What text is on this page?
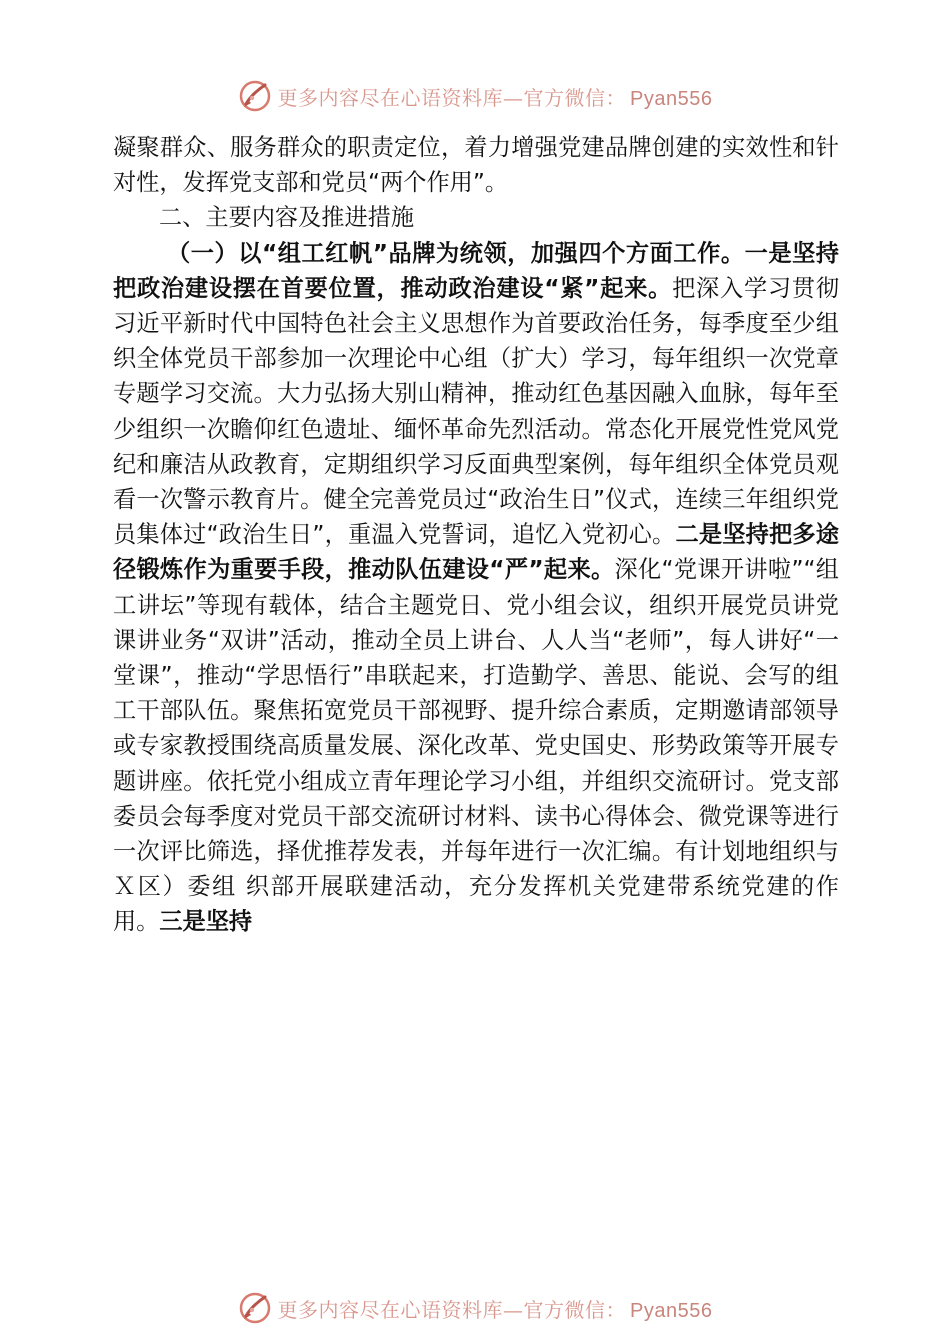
更多内容尽在心语资料库—官方微信： Pyan556

凝聚群众、服务群众的职责定位，着力增强党建品牌创建的实效性和针对性，发挥党支部和党员“两个作用”。

二、主要内容及推进措施

（一）以“组工红帆”品牌为统领，加强四个方面工作。一是坚持把政治建设摆在首要位置，推动政治建设“紧”起来。把深入学习贯彻习近平新时代中国特色社会主义思想作为首要政治任务，每季度至少组织全体党员干部参加一次理论中心组（扩大）学习，每年组织一次党章专题学习交流。大力弘扬大别山精神，推动红色基因融入血脉，每年至少组织一次瞻仰红色遗址、缅怀革命先烈活动。常态化开展党性党风党纪和廉洁从政教育，定期组织学习反面典型案例，每年组织全体党员观看一次警示教育片。健全完善党员过“政治生日”仪式，连续三年组织党员集体过“政治生日”，重温入党誓词，追忆入党初心。二是坚持把多途径锻炼作为重要手段，推动队伍建设“严”起来。深化“党课开讲啦”“组工讲坛”等现有载体，结合主题党日、党小组会议，组织开展党员讲党课讲业务“双讲”活动，推动全员上讲台、人人当“老师”，每人讲好“一堂课”，推动“学思悟行”串联起来，打造勤学、善思、能说、会写的组工干部队伍。聚焦拓宽党员干部视野、提升综合素质，定期邀请部领导或专家教授围绕高质量发展、深化改革、党史国史、形势政策等开展专题讲座。依托党小组成立青年理论学习小组，并组织交流研讨。党支部委员会每季度对党员干部交流研讨材料、读书心得体会、微党课等进行一次评比筛选，择优推荐发表，并每年进行一次汇编。有计划地组织与Ｘ区）委组 织部开展联建活动，充分发挥机关党建带系统党建的作用。三是坚持

更多内容尽在心语资料库—官方微信： Pyan556
